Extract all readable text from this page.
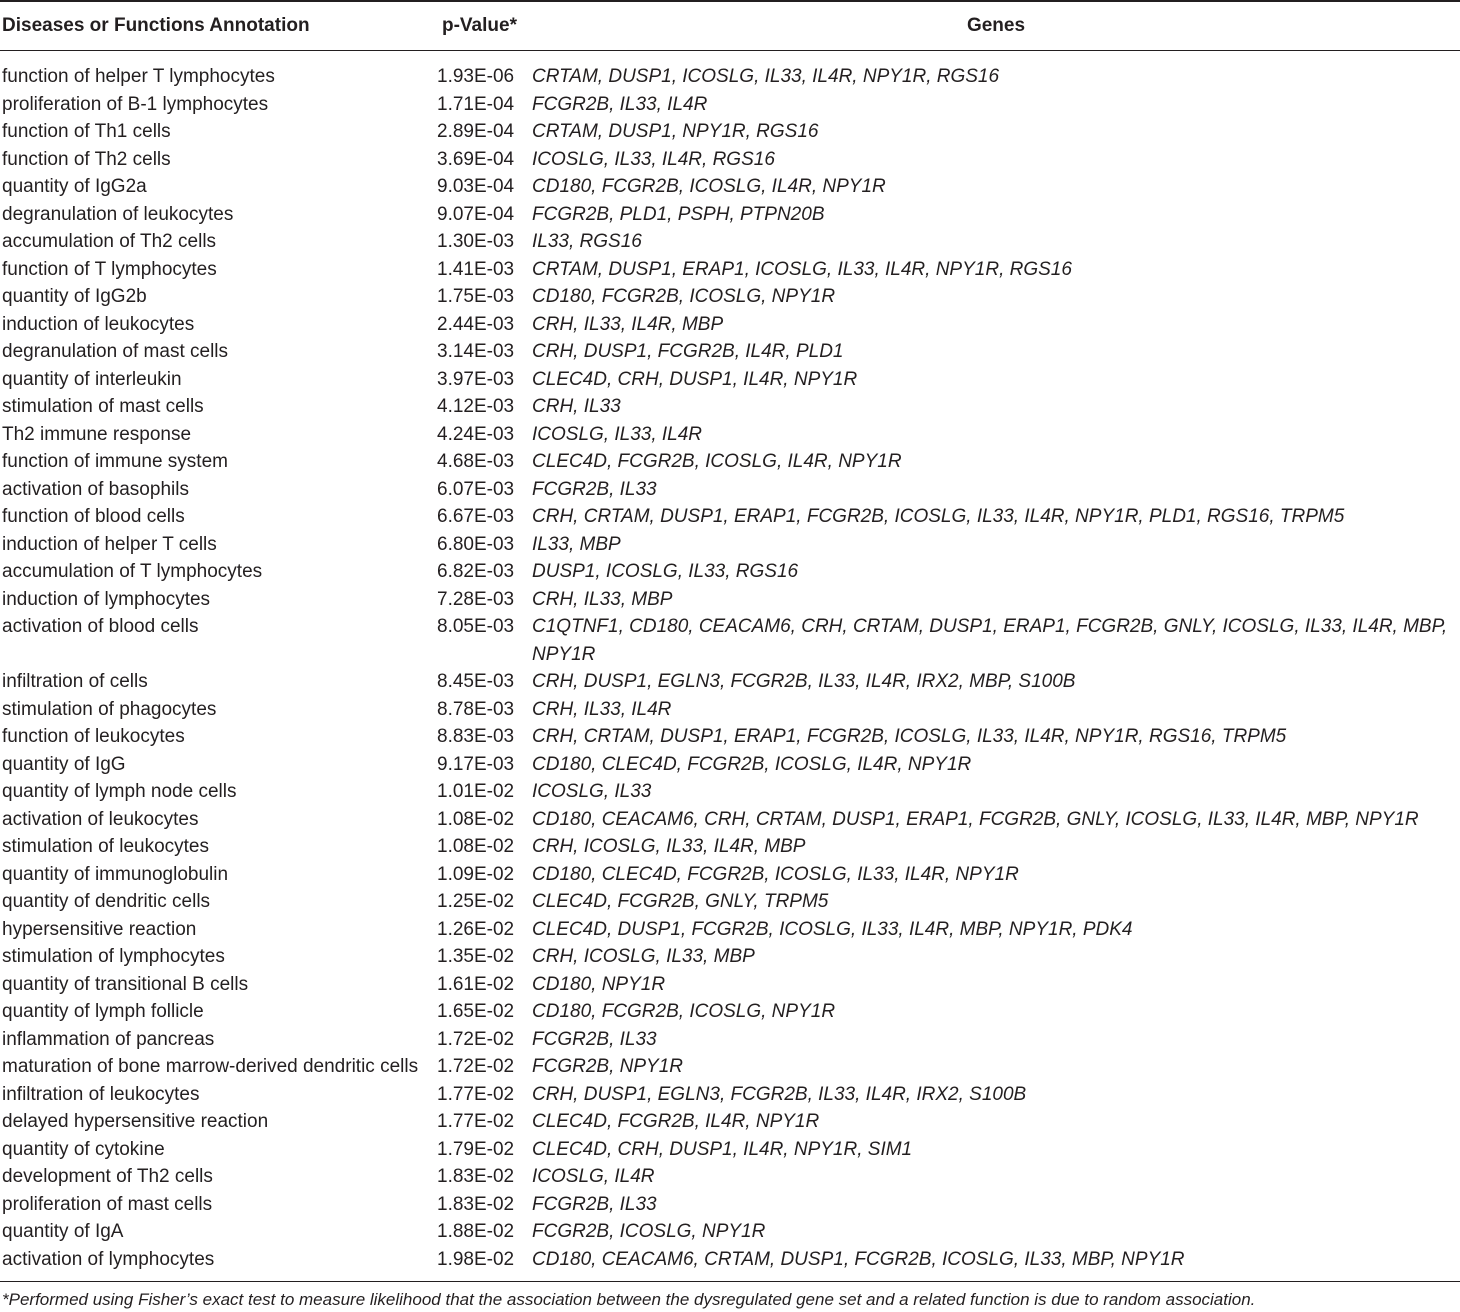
Diseases or Functions Annotation	p-Value*	Genes
function of helper T lymphocytes	1.93E-06	CRTAM, DUSP1, ICOSLG, IL33, IL4R, NPY1R, RGS16
proliferation of B-1 lymphocytes	1.71E-04	FCGR2B, IL33, IL4R
function of Th1 cells	2.89E-04	CRTAM, DUSP1, NPY1R, RGS16
function of Th2 cells	3.69E-04	ICOSLG, IL33, IL4R, RGS16
quantity of IgG2a	9.03E-04	CD180, FCGR2B, ICOSLG, IL4R, NPY1R
degranulation of leukocytes	9.07E-04	FCGR2B, PLD1, PSPH, PTPN20B
accumulation of Th2 cells	1.30E-03	IL33, RGS16
function of T lymphocytes	1.41E-03	CRTAM, DUSP1, ERAP1, ICOSLG, IL33, IL4R, NPY1R, RGS16
quantity of IgG2b	1.75E-03	CD180, FCGR2B, ICOSLG, NPY1R
induction of leukocytes	2.44E-03	CRH, IL33, IL4R, MBP
degranulation of mast cells	3.14E-03	CRH, DUSP1, FCGR2B, IL4R, PLD1
quantity of interleukin	3.97E-03	CLEC4D, CRH, DUSP1, IL4R, NPY1R
stimulation of mast cells	4.12E-03	CRH, IL33
Th2 immune response	4.24E-03	ICOSLG, IL33, IL4R
function of immune system	4.68E-03	CLEC4D, FCGR2B, ICOSLG, IL4R, NPY1R
activation of basophils	6.07E-03	FCGR2B, IL33
function of blood cells	6.67E-03	CRH, CRTAM, DUSP1, ERAP1, FCGR2B, ICOSLG, IL33, IL4R, NPY1R, PLD1, RGS16, TRPM5
induction of helper T cells	6.80E-03	IL33, MBP
accumulation of T lymphocytes	6.82E-03	DUSP1, ICOSLG, IL33, RGS16
induction of lymphocytes	7.28E-03	CRH, IL33, MBP
activation of blood cells	8.05E-03	C1QTNF1, CD180, CEACAM6, CRH, CRTAM, DUSP1, ERAP1, FCGR2B, GNLY, ICOSLG, IL33, IL4R, MBP, NPY1R
infiltration of cells	8.45E-03	CRH, DUSP1, EGLN3, FCGR2B, IL33, IL4R, IRX2, MBP, S100B
stimulation of phagocytes	8.78E-03	CRH, IL33, IL4R
function of leukocytes	8.83E-03	CRH, CRTAM, DUSP1, ERAP1, FCGR2B, ICOSLG, IL33, IL4R, NPY1R, RGS16, TRPM5
quantity of IgG	9.17E-03	CD180, CLEC4D, FCGR2B, ICOSLG, IL4R, NPY1R
quantity of lymph node cells	1.01E-02	ICOSLG, IL33
activation of leukocytes	1.08E-02	CD180, CEACAM6, CRH, CRTAM, DUSP1, ERAP1, FCGR2B, GNLY, ICOSLG, IL33, IL4R, MBP, NPY1R
stimulation of leukocytes	1.08E-02	CRH, ICOSLG, IL33, IL4R, MBP
quantity of immunoglobulin	1.09E-02	CD180, CLEC4D, FCGR2B, ICOSLG, IL33, IL4R, NPY1R
quantity of dendritic cells	1.25E-02	CLEC4D, FCGR2B, GNLY, TRPM5
hypersensitive reaction	1.26E-02	CLEC4D, DUSP1, FCGR2B, ICOSLG, IL33, IL4R, MBP, NPY1R, PDK4
stimulation of lymphocytes	1.35E-02	CRH, ICOSLG, IL33, MBP
quantity of transitional B cells	1.61E-02	CD180, NPY1R
quantity of lymph follicle	1.65E-02	CD180, FCGR2B, ICOSLG, NPY1R
inflammation of pancreas	1.72E-02	FCGR2B, IL33
maturation of bone marrow-derived dendritic cells	1.72E-02	FCGR2B, NPY1R
infiltration of leukocytes	1.77E-02	CRH, DUSP1, EGLN3, FCGR2B, IL33, IL4R, IRX2, S100B
delayed hypersensitive reaction	1.77E-02	CLEC4D, FCGR2B, IL4R, NPY1R
quantity of cytokine	1.79E-02	CLEC4D, CRH, DUSP1, IL4R, NPY1R, SIM1
development of Th2 cells	1.83E-02	ICOSLG, IL4R
proliferation of mast cells	1.83E-02	FCGR2B, IL33
quantity of IgA	1.88E-02	FCGR2B, ICOSLG, NPY1R
activation of lymphocytes	1.98E-02	CD180, CEACAM6, CRTAM, DUSP1, FCGR2B, ICOSLG, IL33, MBP, NPY1R
*Performed using Fisher’s exact test to measure likelihood that the association between the dysregulated gene set and a related function is due to random association.
